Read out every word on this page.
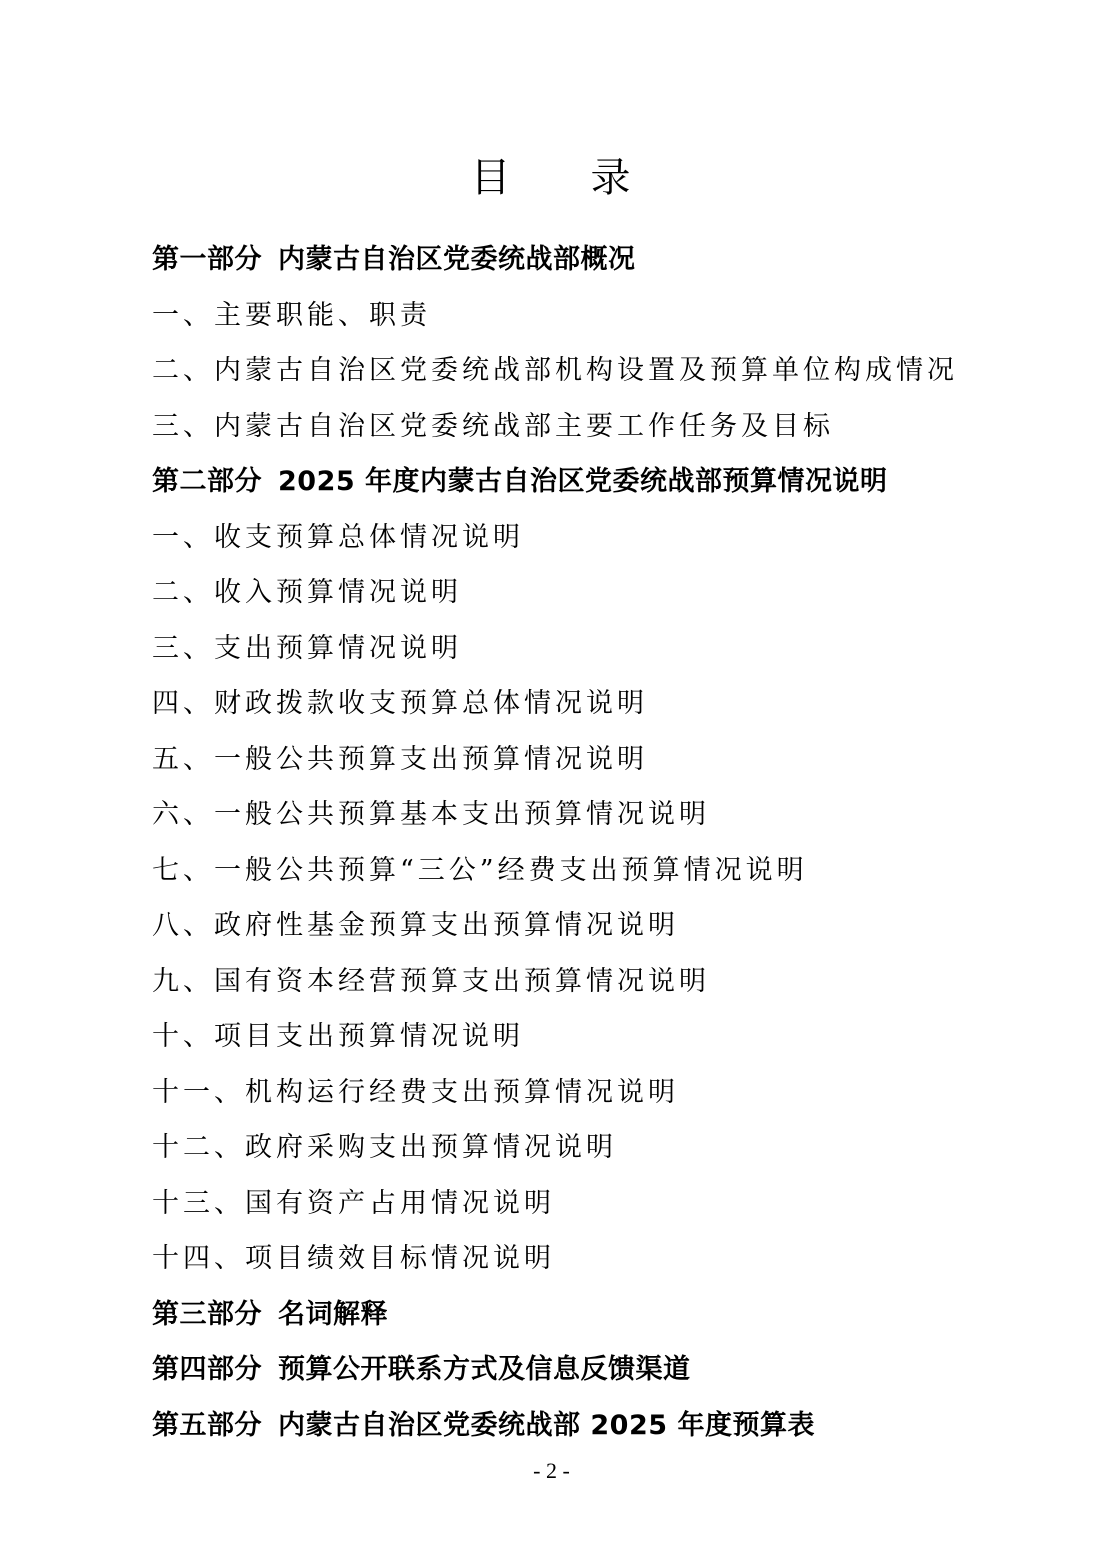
目 录
第一部分 内蒙古自治区党委统战部概况
一、主要职能、职责
二、内蒙古自治区党委统战部机构设置及预算单位构成情况
三、内蒙古自治区党委统战部主要工作任务及目标
第二部分 2025 年度内蒙古自治区党委统战部预算情况说明
一、收支预算总体情况说明
二、收入预算情况说明
三、支出预算情况说明
四、财政拨款收支预算总体情况说明
五、一般公共预算支出预算情况说明
六、一般公共预算基本支出预算情况说明
七、一般公共预算“三公”经费支出预算情况说明
八、政府性基金预算支出预算情况说明
九、国有资本经营预算支出预算情况说明
十、项目支出预算情况说明
十一、机构运行经费支出预算情况说明
十二、政府采购支出预算情况说明
十三、国有资产占用情况说明
十四、项目绩效目标情况说明
第三部分 名词解释
第四部分 预算公开联系方式及信息反馈渠道
第五部分 内蒙古自治区党委统战部 2025 年度预算表
- 2 -
